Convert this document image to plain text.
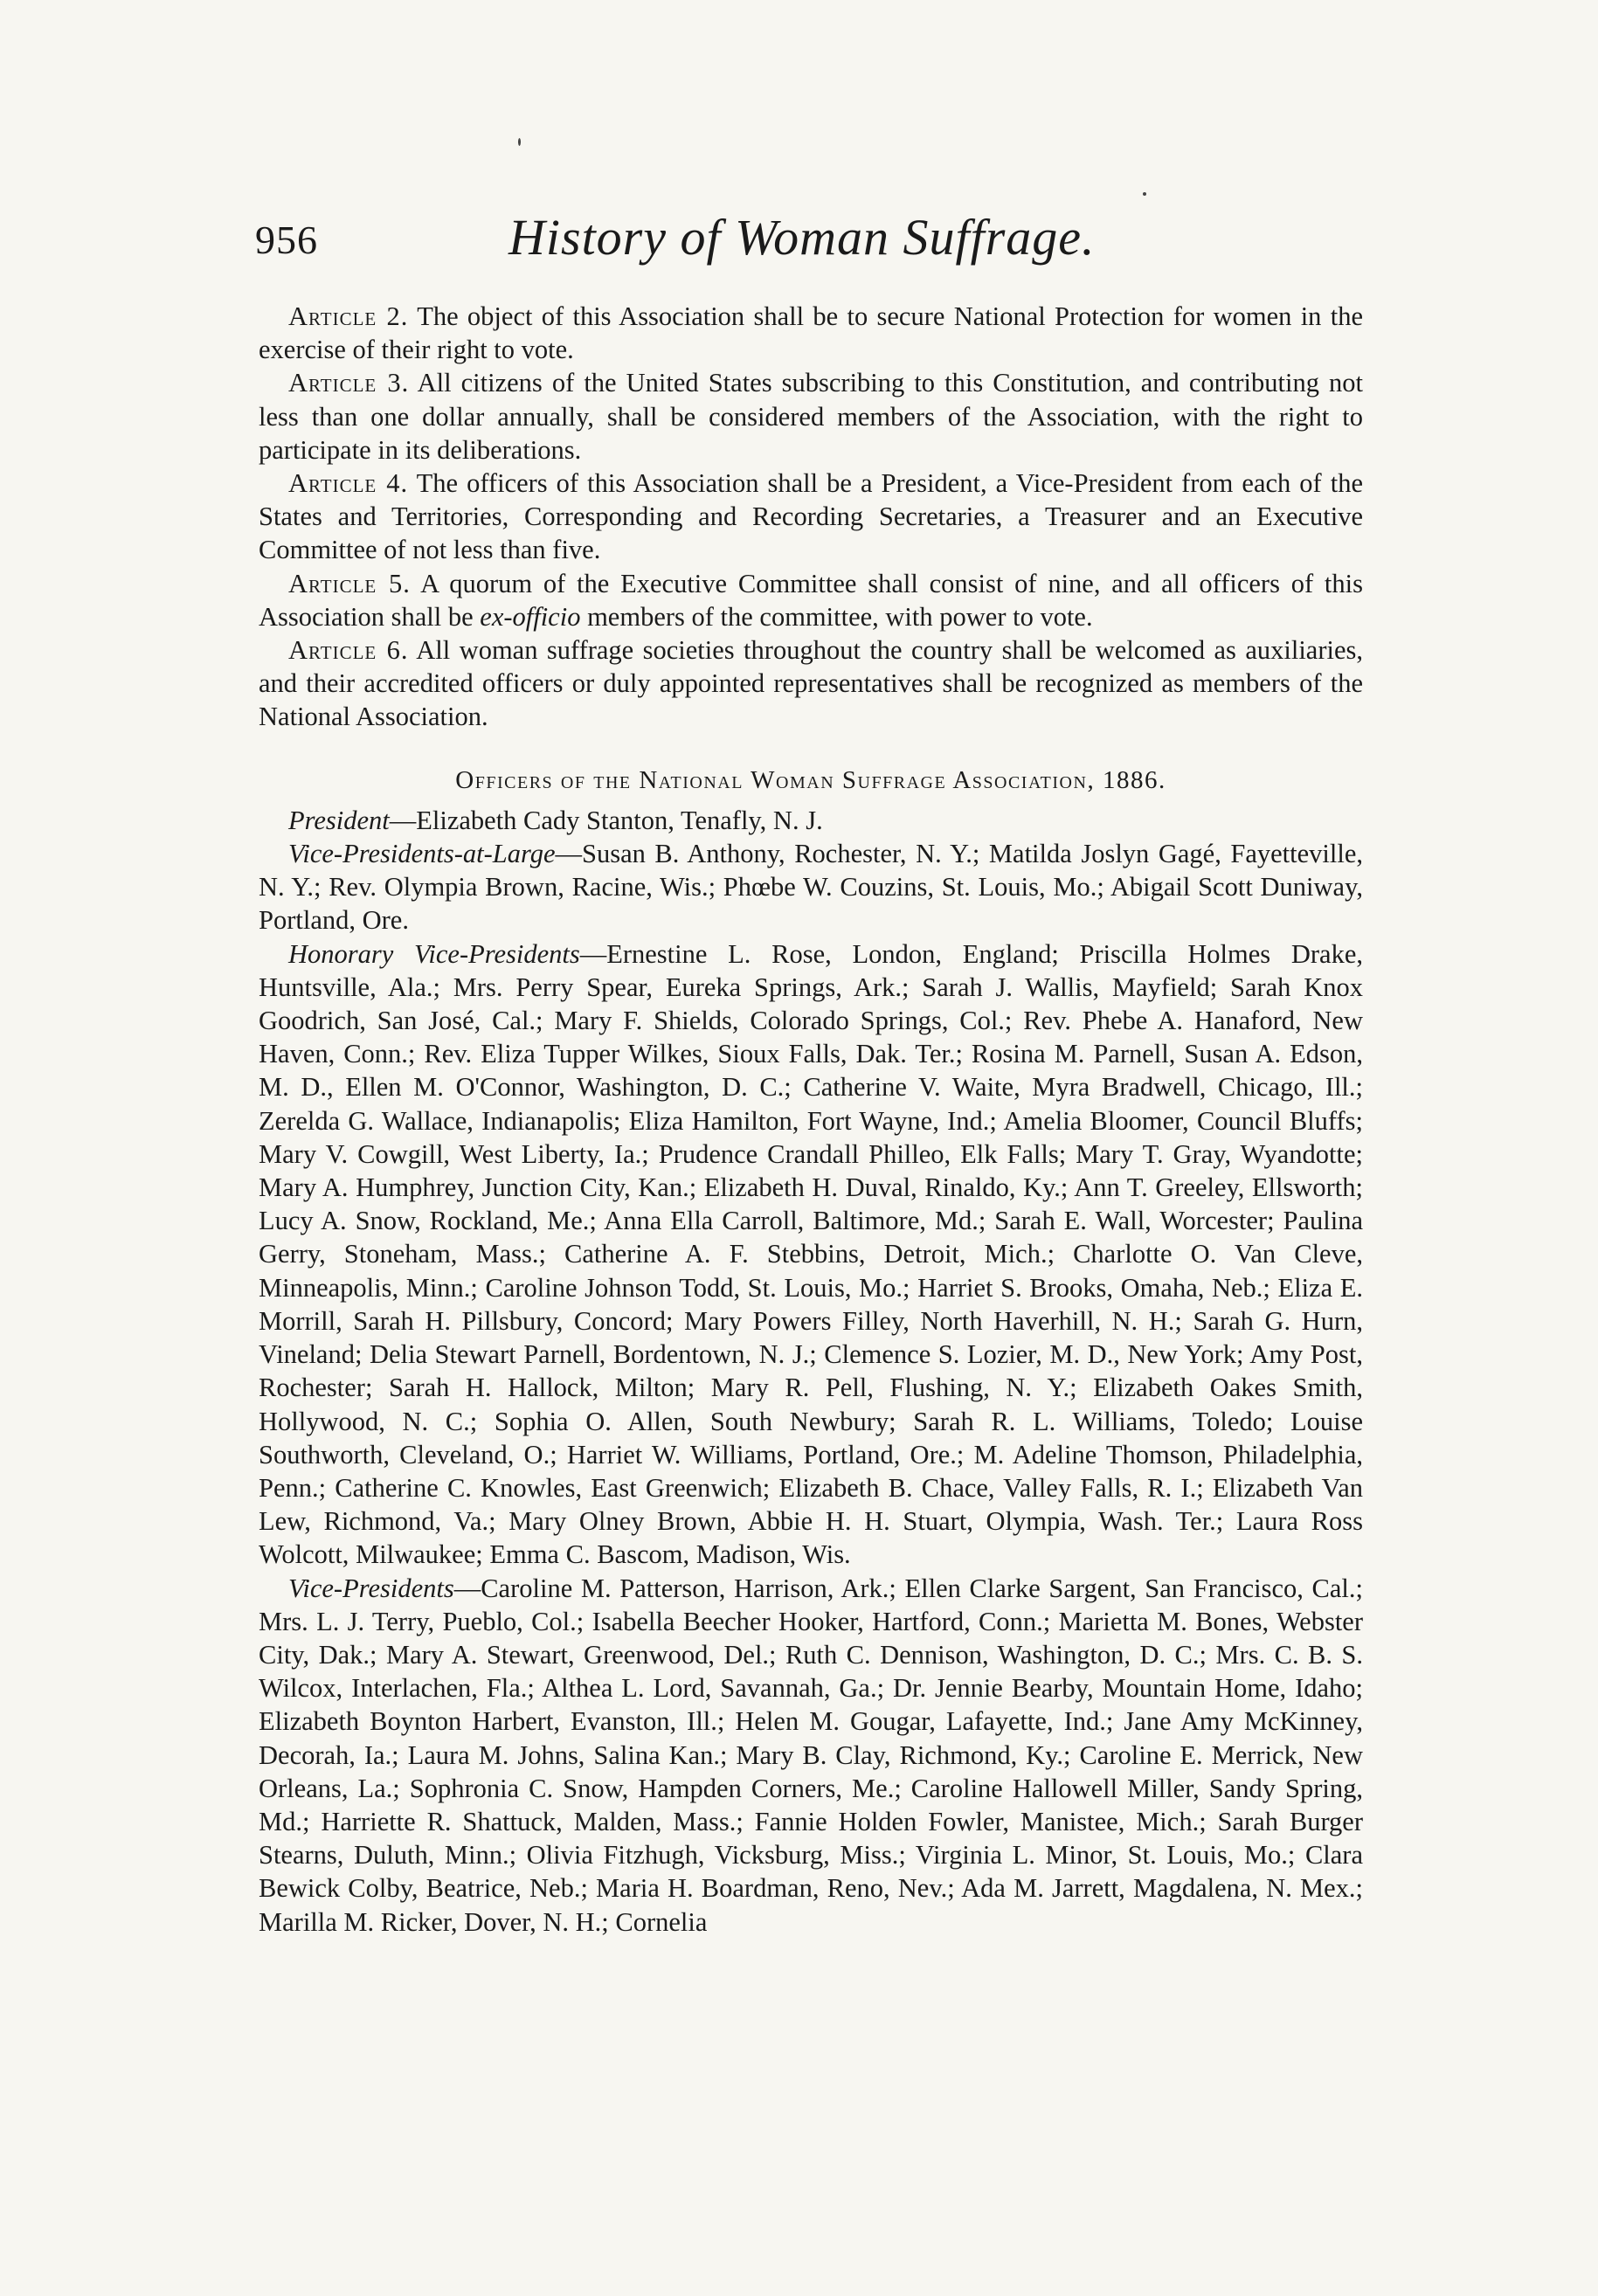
956	History of Woman Suffrage.

Article 2. The object of this Association shall be to secure National Protection for women in the exercise of their right to vote.

Article 3. All citizens of the United States subscribing to this Constitution, and contributing not less than one dollar annually, shall be considered members of the Association, with the right to participate in its deliberations.

Article 4. The officers of this Association shall be a President, a Vice-President from each of the States and Territories, Corresponding and Recording Secretaries, a Treasurer and an Executive Committee of not less than five.

Article 5. A quorum of the Executive Committee shall consist of nine, and all officers of this Association shall be ex-officio members of the committee, with power to vote.

Article 6. All woman suffrage societies throughout the country shall be welcomed as auxiliaries, and their accredited officers or duly appointed representatives shall be recognized as members of the National Association.

Officers of the National Woman Suffrage Association, 1886.

President—Elizabeth Cady Stanton, Tenafly, N. J.

Vice-Presidents-at-Large—Susan B. Anthony, Rochester, N. Y.; Matilda Joslyn Gagé, Fayetteville, N. Y.; Rev. Olympia Brown, Racine, Wis.; Phœbe W. Couzins, St. Louis, Mo.; Abigail Scott Duniway, Portland, Ore.

Honorary Vice-Presidents—Ernestine L. Rose, London, England; Priscilla Holmes Drake, Huntsville, Ala.; Mrs. Perry Spear, Eureka Springs, Ark.; Sarah J. Wallis, Mayfield; Sarah Knox Goodrich, San José, Cal.; Mary F. Shields, Colorado Springs, Col.; Rev. Phebe A. Hanaford, New Haven, Conn.; Rev. Eliza Tupper Wilkes, Sioux Falls, Dak. Ter.; Rosina M. Parnell, Susan A. Edson, M. D., Ellen M. O'Connor, Washington, D. C.; Catherine V. Waite, Myra Bradwell, Chicago, Ill.; Zerelda G. Wallace, Indianapolis; Eliza Hamilton, Fort Wayne, Ind.; Amelia Bloomer, Council Bluffs; Mary V. Cowgill, West Liberty, Ia.; Prudence Crandall Philleo, Elk Falls; Mary T. Gray, Wyandotte; Mary A. Humphrey, Junction City, Kan.; Elizabeth H. Duval, Rinaldo, Ky.; Ann T. Greeley, Ellsworth; Lucy A. Snow, Rockland, Me.; Anna Ella Carroll, Baltimore, Md.; Sarah E. Wall, Worcester; Paulina Gerry, Stoneham, Mass.; Catherine A. F. Stebbins, Detroit, Mich.; Charlotte O. Van Cleve, Minneapolis, Minn.; Caroline Johnson Todd, St. Louis, Mo.; Harriet S. Brooks, Omaha, Neb.; Eliza E. Morrill, Sarah H. Pillsbury, Concord; Mary Powers Filley, North Haverhill, N. H.; Sarah G. Hurn, Vineland; Delia Stewart Parnell, Bordentown, N. J.; Clemence S. Lozier, M. D., New York; Amy Post, Rochester; Sarah H. Hallock, Milton; Mary R. Pell, Flushing, N. Y.; Elizabeth Oakes Smith, Hollywood, N. C.; Sophia O. Allen, South Newbury; Sarah R. L. Williams, Toledo; Louise Southworth, Cleveland, O.; Harriet W. Williams, Portland, Ore.; M. Adeline Thomson, Philadelphia, Penn.; Catherine C. Knowles, East Greenwich; Elizabeth B. Chace, Valley Falls, R. I.; Elizabeth Van Lew, Richmond, Va.; Mary Olney Brown, Abbie H. H. Stuart, Olympia, Wash. Ter.; Laura Ross Wolcott, Milwaukee; Emma C. Bascom, Madison, Wis.

Vice-Presidents—Caroline M. Patterson, Harrison, Ark.; Ellen Clarke Sargent, San Francisco, Cal.; Mrs. L. J. Terry, Pueblo, Col.; Isabella Beecher Hooker, Hartford, Conn.; Marietta M. Bones, Webster City, Dak.; Mary A. Stewart, Greenwood, Del.; Ruth C. Dennison, Washington, D. C.; Mrs. C. B. S. Wilcox, Interlachen, Fla.; Althea L. Lord, Savannah, Ga.; Dr. Jennie Bearby, Mountain Home, Idaho; Elizabeth Boynton Harbert, Evanston, Ill.; Helen M. Gougar, Lafayette, Ind.; Jane Amy McKinney, Decorah, Ia.; Laura M. Johns, Salina Kan.; Mary B. Clay, Richmond, Ky.; Caroline E. Merrick, New Orleans, La.; Sophronia C. Snow, Hampden Corners, Me.; Caroline Hallowell Miller, Sandy Spring, Md.; Harriette R. Shattuck, Malden, Mass.; Fannie Holden Fowler, Manistee, Mich.; Sarah Burger Stearns, Duluth, Minn.; Olivia Fitzhugh, Vicksburg, Miss.; Virginia L. Minor, St. Louis, Mo.; Clara Bewick Colby, Beatrice, Neb.; Maria H. Boardman, Reno, Nev.; Ada M. Jarrett, Magdalena, N. Mex.; Marilla M. Ricker, Dover, N. H.; Cornelia
